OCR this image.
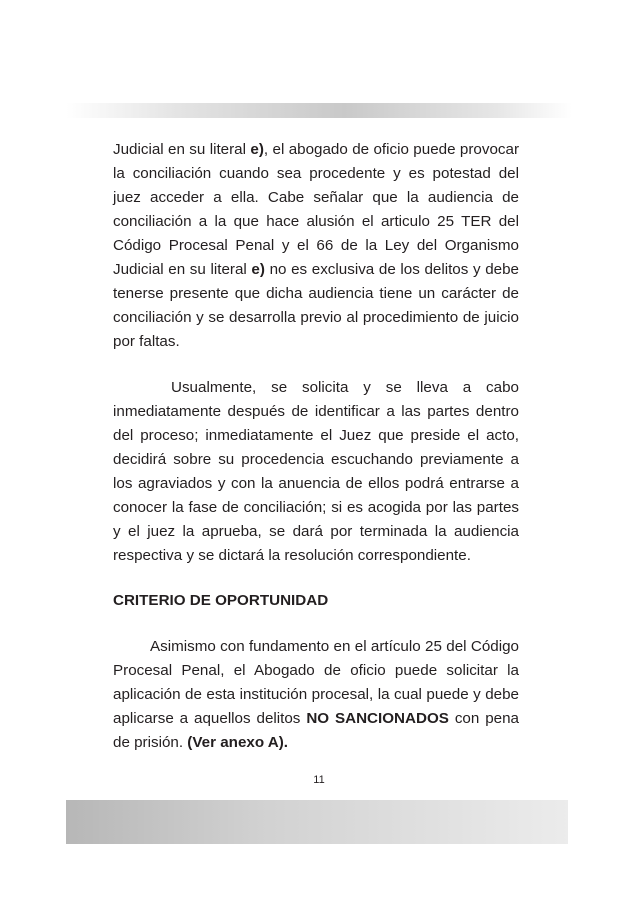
Judicial en su literal e), el abogado de oficio puede provocar la conciliación cuando sea procedente y es potestad del juez acceder a ella. Cabe señalar que la audiencia de conciliación a la que hace alusión el articulo 25 TER del Código Procesal Penal y el 66 de la Ley del Organismo Judicial en su literal e) no es exclusiva de los delitos y debe tenerse presente que dicha audiencia tiene un carácter de conciliación y se desarrolla previo al procedimiento de juicio por faltas.

Usualmente, se solicita y se lleva a cabo inmediatamente después de identificar a las partes dentro del proceso; inmediatamente el Juez que preside el acto, decidirá sobre su procedencia escuchando previamente a los agraviados y con la anuencia de ellos podrá entrarse a conocer la fase de conciliación; si es acogida por las partes y el juez la aprueba, se dará por terminada la audiencia respectiva y se dictará la resolución correspondiente.

CRITERIO DE OPORTUNIDAD

Asimismo con fundamento en el artículo 25 del Código Procesal Penal, el Abogado de oficio puede solicitar la aplicación de esta institución procesal, la cual puede y debe aplicarse a aquellos delitos NO SANCIONADOS con pena de prisión. (Ver anexo A).

11
